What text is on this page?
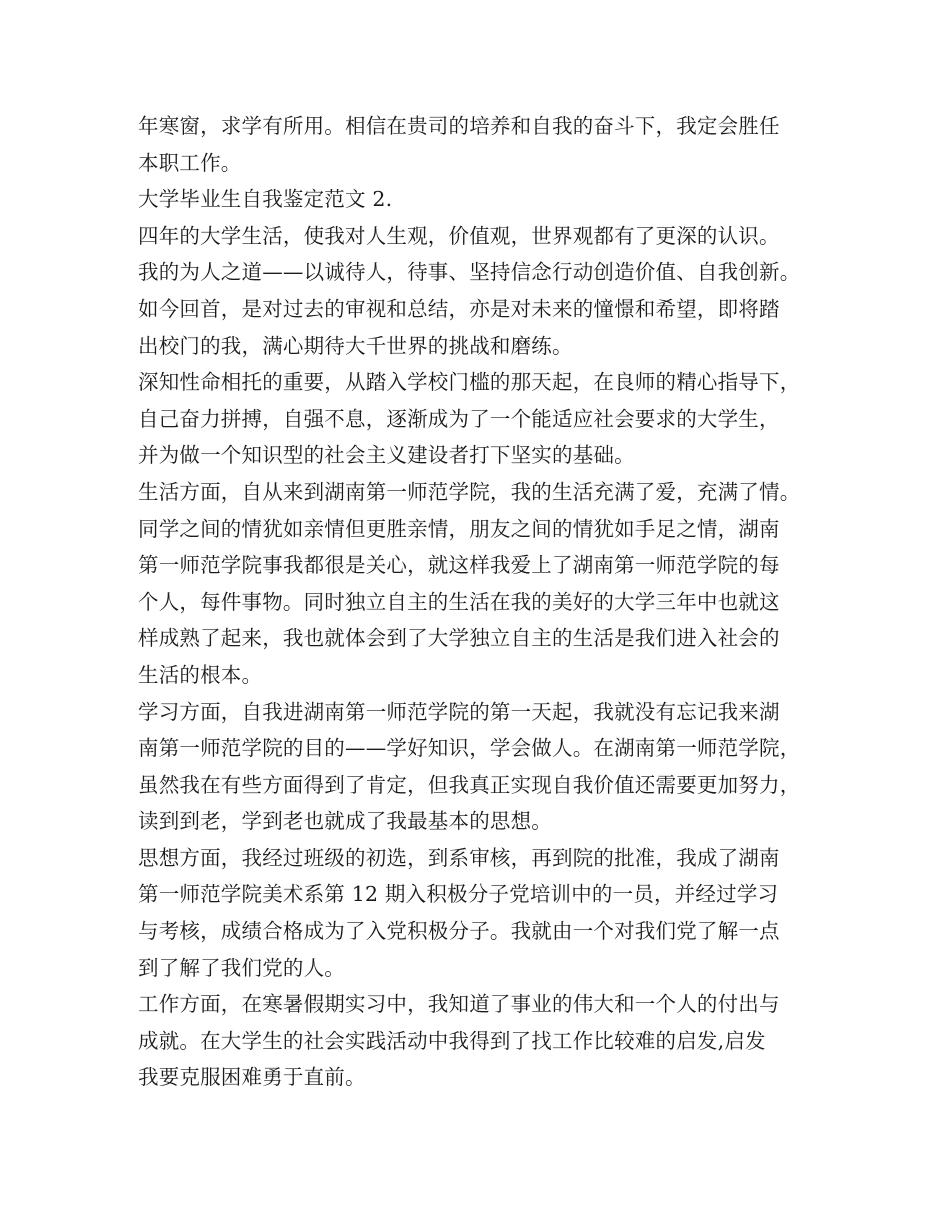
年寒窗，求学有所用。相信在贵司的培养和自我的奋斗下，我定会胜任
本职工作。
大学毕业生自我鉴定范文 2.
四年的大学生活，使我对人生观，价值观，世界观都有了更深的认识。
我的为人之道——以诚待人，待事、坚持信念行动创造价值、自我创新。
如今回首，是对过去的审视和总结，亦是对未来的憧憬和希望，即将踏
出校门的我，满心期待大千世界的挑战和磨练。
深知性命相托的重要，从踏入学校门槛的那天起，在良师的精心指导下，
自己奋力拼搏，自强不息，逐渐成为了一个能适应社会要求的大学生，
并为做一个知识型的社会主义建设者打下坚实的基础。
生活方面，自从来到湖南第一师范学院，我的生活充满了爱，充满了情。
同学之间的情犹如亲情但更胜亲情，朋友之间的情犹如手足之情，湖南
第一师范学院事我都很是关心，就这样我爱上了湖南第一师范学院的每
个人，每件事物。同时独立自主的生活在我的美好的大学三年中也就这
样成熟了起来，我也就体会到了大学独立自主的生活是我们进入社会的
生活的根本。
学习方面，自我进湖南第一师范学院的第一天起，我就没有忘记我来湖
南第一师范学院的目的——学好知识，学会做人。在湖南第一师范学院，
虽然我在有些方面得到了肯定，但我真正实现自我价值还需要更加努力，
读到到老，学到老也就成了我最基本的思想。
思想方面，我经过班级的初选，到系审核，再到院的批准，我成了湖南
第一师范学院美术系第 12 期入积极分子党培训中的一员，并经过学习
与考核，成绩合格成为了入党积极分子。我就由一个对我们党了解一点
到了解了我们党的人。
工作方面，在寒暑假期实习中，我知道了事业的伟大和一个人的付出与
成就。在大学生的社会实践活动中我得到了找工作比较难的启发,启发
我要克服困难勇于直前。
